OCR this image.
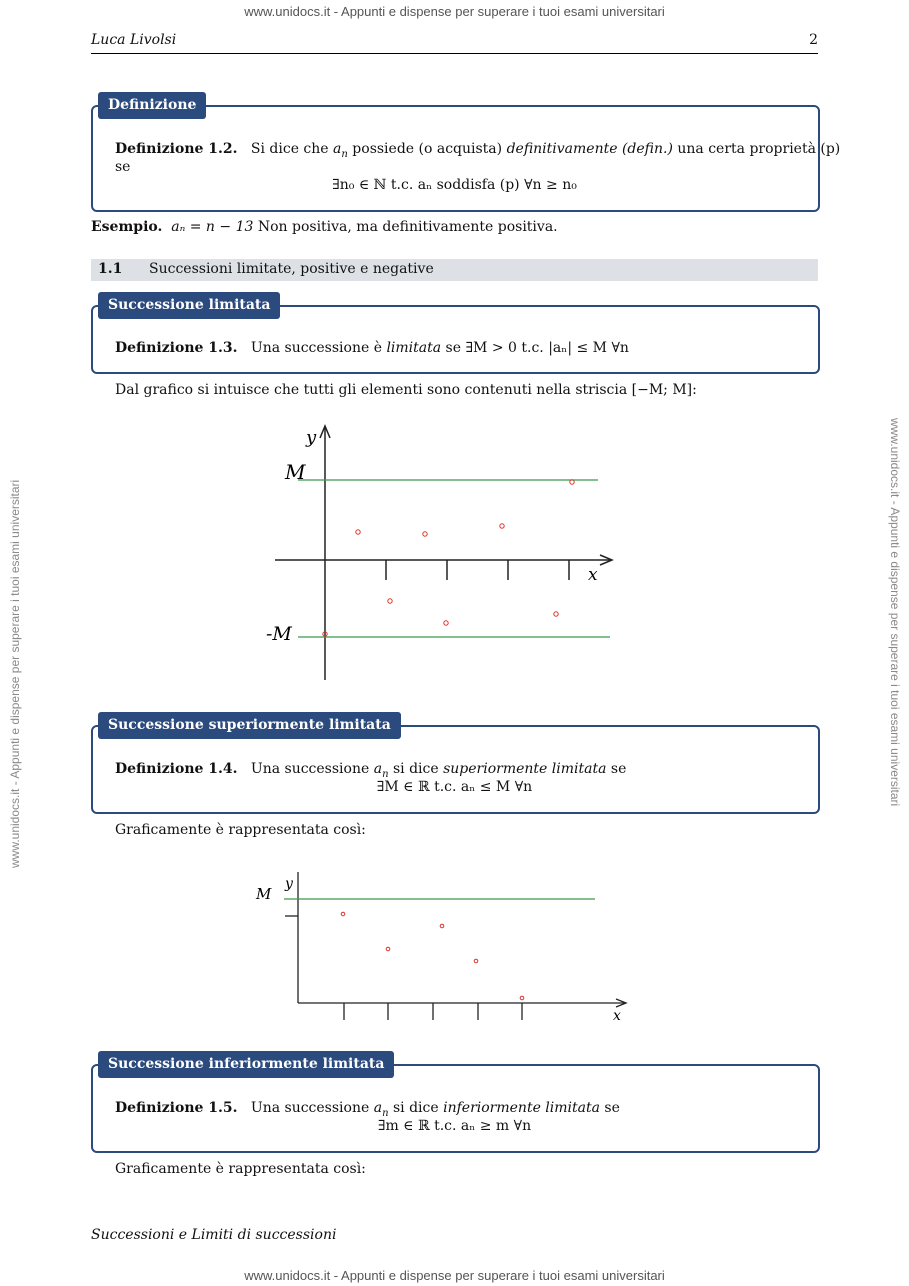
www.unidocs.it - Appunti e dispense per superare i tuoi esami universitari
www.unidocs.it - Appunti e dispense per superare i tuoi esami universitari
www.unidocs.it - Appunti e dispense per superare i tuoi esami universitari	www.unidocs.it - Appunti e dispense per superare i tuoi esami universitari
Luca Livolsi	2
Definizione
Definizione 1.2. Si dice che $a_n$ possiede (o acquista) definitivamente (defin.) una certa proprietà (p)
se
∃n₀ ∈ ℕ t.c. aₙ soddisfa (p) ∀n ≥ n₀
Esempio. aₙ = n − 13 Non positiva, ma definitivamente positiva.
1.1 Successioni limitate, positive e negative
Successione limitata
Definizione 1.3. Una successione è limitata se ∃M > 0 t.c. |aₙ| ≤ M ∀n
Dal grafico si intuisce che tutti gli elementi sono contenuti nella striscia [−M; M]:
y
x
M
-M
Successione superiormente limitata
Definizione 1.4. Una successione $a_n$ si dice superiormente limitata se
∃M ∈ ℝ t.c. aₙ ≤ M ∀n
Graficamente è rappresentata così:
y
x
M
Successione inferiormente limitata
Definizione 1.5. Una successione $a_n$ si dice inferiormente limitata se
∃m ∈ ℝ t.c. aₙ ≥ m ∀n
Graficamente è rappresentata così:
Successioni e Limiti di successioni
